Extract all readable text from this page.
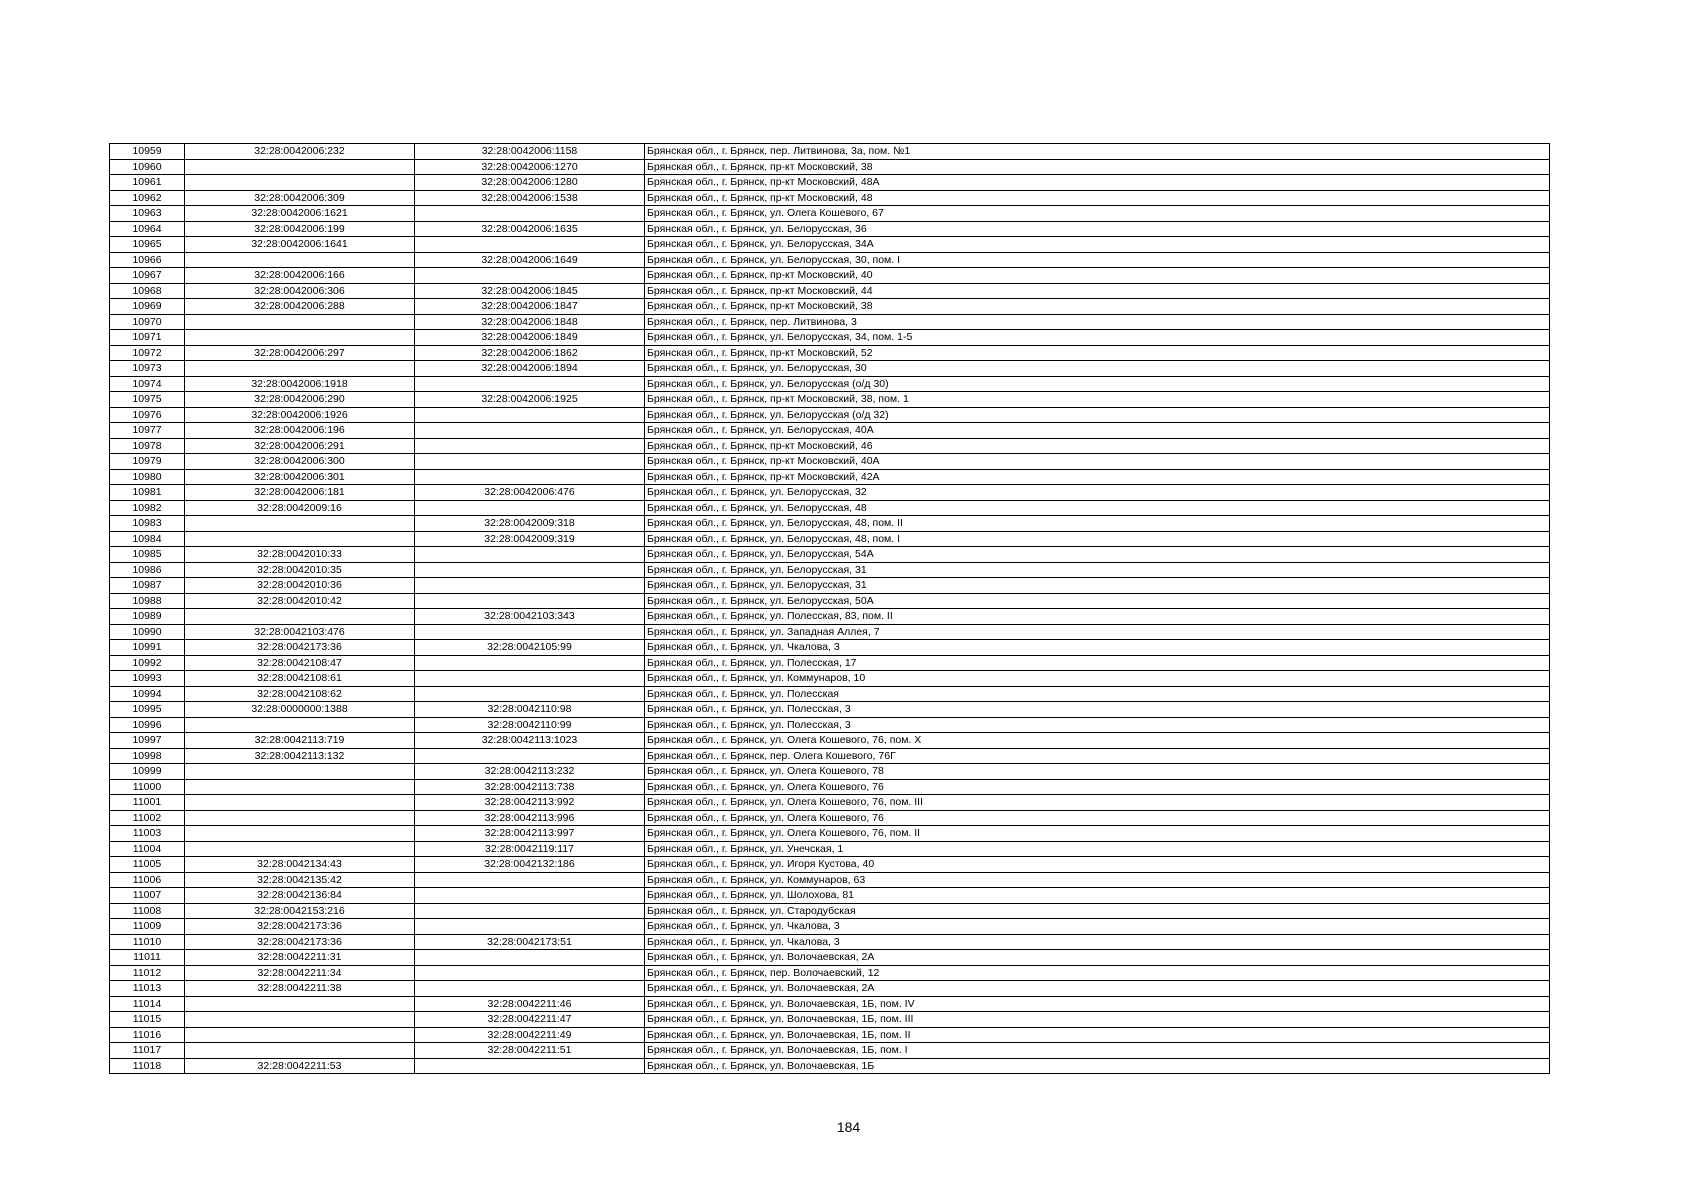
10959	32:28:0042006:232	32:28:0042006:1158	Брянская обл., г. Брянск, пер. Литвинова, 3а, пом. №1
10960		32:28:0042006:1270	Брянская обл., г. Брянск, пр-кт Московский, 38
10961		32:28:0042006:1280	Брянская обл., г. Брянск, пр-кт Московский, 48А
10962	32:28:0042006:309	32:28:0042006:1538	Брянская обл., г. Брянск, пр-кт Московский, 48
10963	32:28:0042006:1621		Брянская обл., г. Брянск, ул. Олега Кошевого, 67
10964	32:28:0042006:199	32:28:0042006:1635	Брянская обл., г. Брянск, ул. Белорусская, 36
10965	32:28:0042006:1641		Брянская обл., г. Брянск, ул. Белорусская, 34А
10966		32:28:0042006:1649	Брянская обл., г. Брянск, ул. Белорусская, 30, пом. I
10967	32:28:0042006:166		Брянская обл., г. Брянск, пр-кт Московский, 40
10968	32:28:0042006:306	32:28:0042006:1845	Брянская обл., г. Брянск, пр-кт Московский, 44
10969	32:28:0042006:288	32:28:0042006:1847	Брянская обл., г. Брянск, пр-кт Московский, 38
10970		32:28:0042006:1848	Брянская обл., г. Брянск, пер. Литвинова, 3
10971		32:28:0042006:1849	Брянская обл., г. Брянск, ул. Белорусская, 34, пом. 1-5
10972	32:28:0042006:297	32:28:0042006:1862	Брянская обл., г. Брянск, пр-кт Московский, 52
10973		32:28:0042006:1894	Брянская обл., г. Брянск, ул. Белорусская, 30
10974	32:28:0042006:1918		Брянская обл., г. Брянск, ул. Белорусская (о/д 30)
10975	32:28:0042006:290	32:28:0042006:1925	Брянская обл., г. Брянск, пр-кт Московский, 38, пом. 1
10976	32:28:0042006:1926		Брянская обл., г. Брянск, ул. Белорусская (о/д 32)
10977	32:28:0042006:196		Брянская обл., г. Брянск, ул. Белорусская, 40А
10978	32:28:0042006:291		Брянская обл., г. Брянск, пр-кт Московский, 46
10979	32:28:0042006:300		Брянская обл., г. Брянск, пр-кт Московский, 40А
10980	32:28:0042006:301		Брянская обл., г. Брянск, пр-кт Московский, 42А
10981	32:28:0042006:181	32:28:0042006:476	Брянская обл., г. Брянск, ул. Белорусская, 32
10982	32:28:0042009:16		Брянская обл., г. Брянск, ул. Белорусская, 48
10983		32:28:0042009:318	Брянская обл., г. Брянск, ул. Белорусская, 48, пом. II
10984		32:28:0042009:319	Брянская обл., г. Брянск, ул. Белорусская, 48, пом. I
10985	32:28:0042010:33		Брянская обл., г. Брянск, ул. Белорусская, 54А
10986	32:28:0042010:35		Брянская обл., г. Брянск, ул. Белорусская, 31
10987	32:28:0042010:36		Брянская обл., г. Брянск, ул. Белорусская, 31
10988	32:28:0042010:42		Брянская обл., г. Брянск, ул. Белорусская, 50А
10989		32:28:0042103:343	Брянская обл., г. Брянск, ул. Полесская, 83, пом. II
10990	32:28:0042103:476		Брянская обл., г. Брянск, ул. Западная Аллея, 7
10991	32:28:0042173:36	32:28:0042105:99	Брянская обл., г. Брянск, ул. Чкалова, 3
10992	32:28:0042108:47		Брянская обл., г. Брянск, ул. Полесская, 17
10993	32:28:0042108:61		Брянская обл., г. Брянск, ул. Коммунаров, 10
10994	32:28:0042108:62		Брянская обл., г. Брянск, ул. Полесская
10995	32:28:0000000:1388	32:28:0042110:98	Брянская обл., г. Брянск, ул. Полесская, 3
10996		32:28:0042110:99	Брянская обл., г. Брянск, ул. Полесская, 3
10997	32:28:0042113:719	32:28:0042113:1023	Брянская обл., г. Брянск, ул. Олега Кошевого, 76, пом. X
10998	32:28:0042113:132		Брянская обл., г. Брянск, пер. Олега Кошевого, 76Г
10999		32:28:0042113:232	Брянская обл., г. Брянск, ул. Олега Кошевого, 78
11000		32:28:0042113:738	Брянская обл., г. Брянск, ул. Олега Кошевого, 76
11001		32:28:0042113:992	Брянская обл., г. Брянск, ул. Олега Кошевого, 76, пом. III
11002		32:28:0042113:996	Брянская обл., г. Брянск, ул. Олега Кошевого, 76
11003		32:28:0042113:997	Брянская обл., г. Брянск, ул. Олега Кошевого, 76, пом. II
11004		32:28:0042119:117	Брянская обл., г. Брянск, ул. Унечская, 1
11005	32:28:0042134:43	32:28:0042132:186	Брянская обл., г. Брянск, ул. Игоря Кустова, 40
11006	32:28:0042135:42		Брянская обл., г. Брянск, ул. Коммунаров, 63
11007	32:28:0042136:84		Брянская обл., г. Брянск, ул. Шолохова, 81
11008	32:28:0042153:216		Брянская обл., г. Брянск, ул. Стародубская
11009	32:28:0042173:36		Брянская обл., г. Брянск, ул. Чкалова, 3
11010	32:28:0042173:36	32:28:0042173:51	Брянская обл., г. Брянск, ул. Чкалова, 3
11011	32:28:0042211:31		Брянская обл., г. Брянск, ул. Волочаевская, 2А
11012	32:28:0042211:34		Брянская обл., г. Брянск, пер. Волочаевский, 12
11013	32:28:0042211:38		Брянская обл., г. Брянск, ул. Волочаевская, 2А
11014		32:28:0042211:46	Брянская обл., г. Брянск, ул. Волочаевская, 1Б, пом. IV
11015		32:28:0042211:47	Брянская обл., г. Брянск, ул. Волочаевская, 1Б, пом. III
11016		32:28:0042211:49	Брянская обл., г. Брянск, ул. Волочаевская, 1Б, пом. II
11017		32:28:0042211:51	Брянская обл., г. Брянск, ул. Волочаевская, 1Б, пом. I
11018	32:28:0042211:53		Брянская обл., г. Брянск, ул. Волочаевская, 1Б
184
